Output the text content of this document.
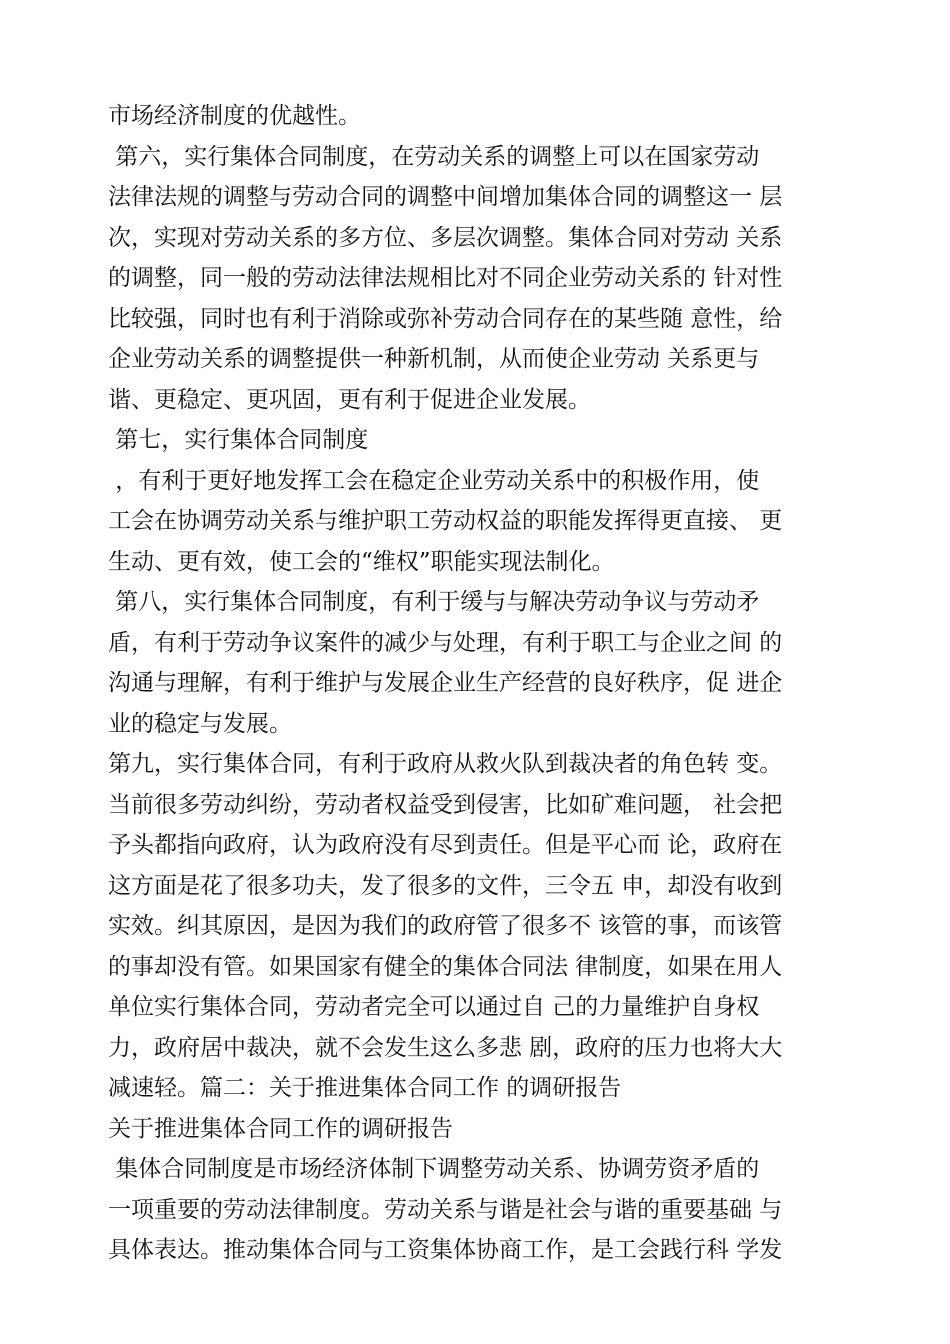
市场经济制度的优越性。
第六，实行集体合同制度，在劳动关系的调整上可以在国家劳动
法律法规的调整与劳动合同的调整中间增加集体合同的调整这一 层
次，实现对劳动关系的多方位、多层次调整。集体合同对劳动 关系
的调整，同一般的劳动法律法规相比对不同企业劳动关系的 针对性
比较强，同时也有利于消除或弥补劳动合同存在的某些随 意性，给
企业劳动关系的调整提供一种新机制，从而使企业劳动 关系更与
谐、更稳定、更巩固，更有利于促进企业发展。
第七，实行集体合同制度
，有利于更好地发挥工会在稳定企业劳动关系中的积极作用，使
工会在协调劳动关系与维护职工劳动权益的职能发挥得更直接、 更
生动、更有效，使工会的“维权”职能实现法制化。
第八，实行集体合同制度，有利于缓与与解决劳动争议与劳动矛
盾，有利于劳动争议案件的减少与处理，有利于职工与企业之间 的
沟通与理解，有利于维护与发展企业生产经营的良好秩序，促 进企
业的稳定与发展。
第九，实行集体合同，有利于政府从救火队到裁决者的角色转 变。
当前很多劳动纠纷，劳动者权益受到侵害，比如矿难问题， 社会把
予头都指向政府，认为政府没有尽到责任。但是平心而 论，政府在
这方面是花了很多功夫，发了很多的文件，三令五 申，却没有收到
实效。纠其原因，是因为我们的政府管了很多不 该管的事，而该管
的事却没有管。如果国家有健全的集体合同法 律制度，如果在用人
单位实行集体合同，劳动者完全可以通过自 己的力量维护自身权
力，政府居中裁决，就不会发生这么多悲 剧，政府的压力也将大大
减速轻。篇二：关于推进集体合同工作 的调研报告
关于推进集体合同工作的调研报告
集体合同制度是市场经济体制下调整劳动关系、协调劳资矛盾的
一项重要的劳动法律制度。劳动关系与谐是社会与谐的重要基础 与
具体表达。推动集体合同与工资集体协商工作，是工会践行科 学发
